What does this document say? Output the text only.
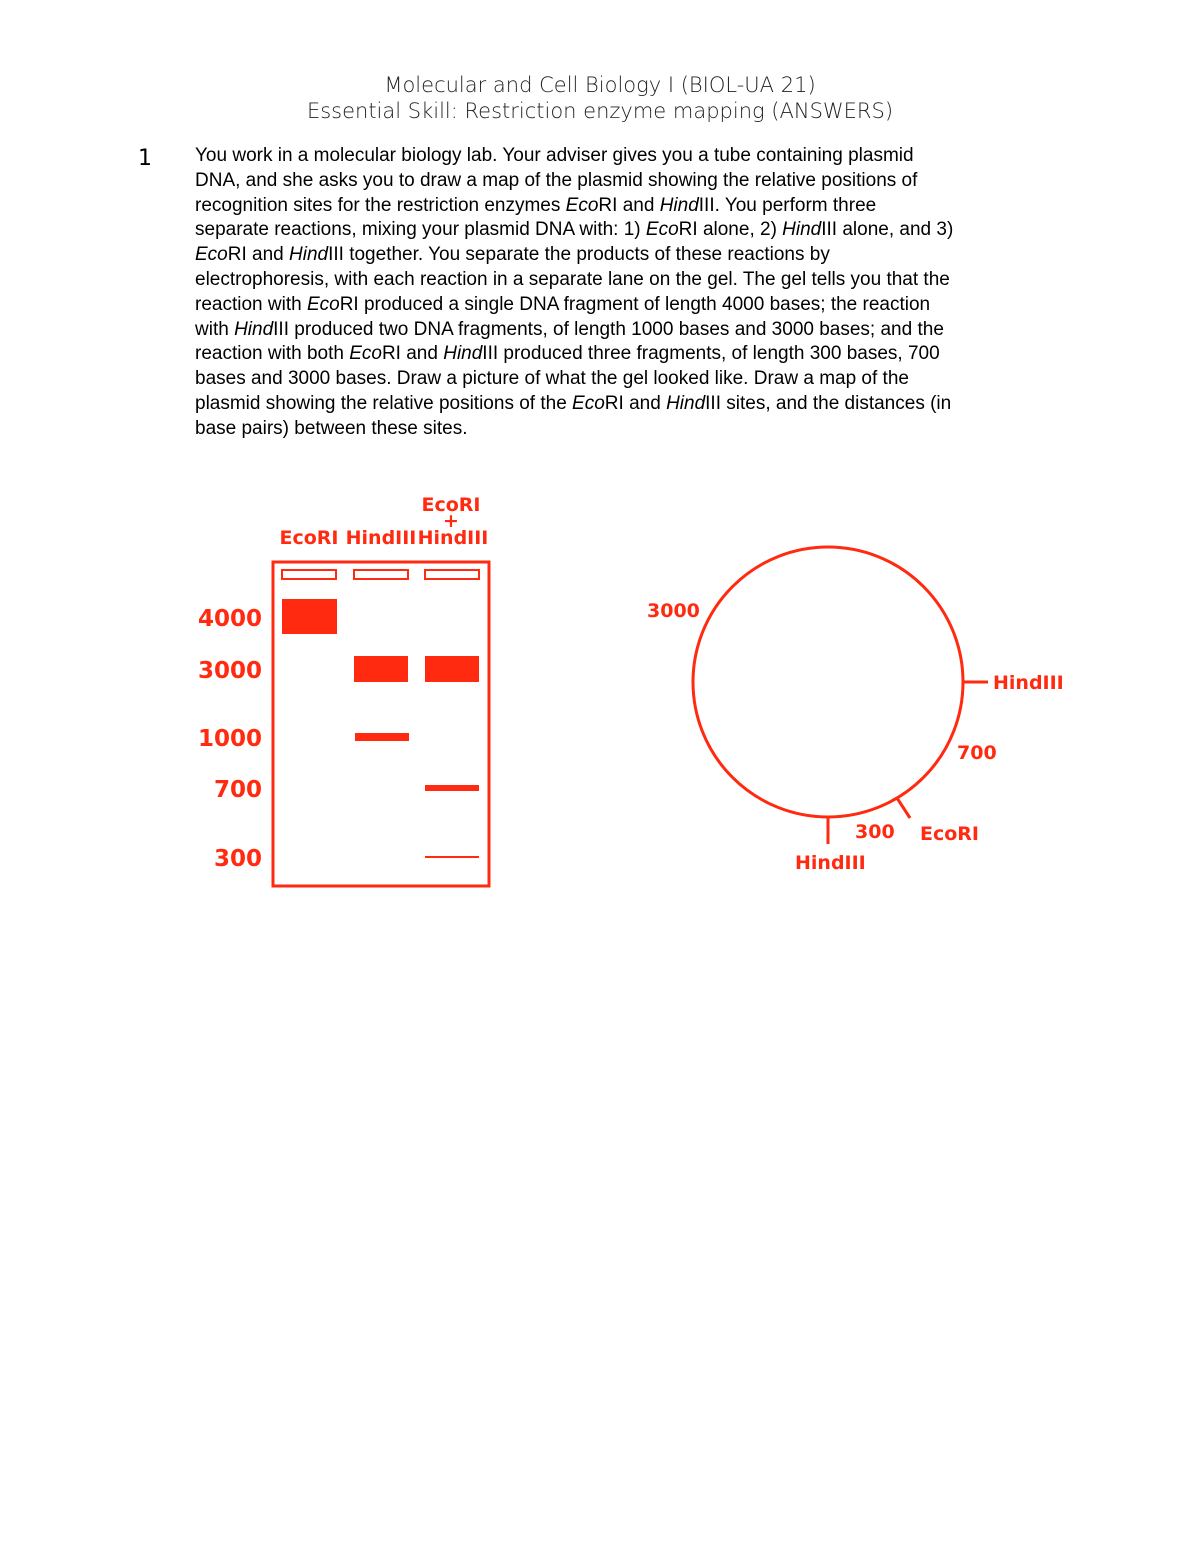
Molecular and Cell Biology I (BIOL-UA 21)
Essential Skill: Restriction enzyme mapping (ANSWERS)
1 You work in a molecular biology lab. Your adviser gives you a tube containing plasmid
DNA, and she asks you to draw a map of the plasmid showing the relative positions of
recognition sites for the restriction enzymes EcoRI and HindIII. You perform three
separate reactions, mixing your plasmid DNA with: 1) EcoRI alone, 2) HindIII alone, and 3)
EcoRI and HindIII together. You separate the products of these reactions by
electrophoresis, with each reaction in a separate lane on the gel. The gel tells you that the
reaction with EcoRI produced a single DNA fragment of length 4000 bases; the reaction
with HindIII produced two DNA fragments, of length 1000 bases and 3000 bases; and the
reaction with both EcoRI and HindIII produced three fragments, of length 300 bases, 700
bases and 3000 bases. Draw a picture of what the gel looked like. Draw a map of the
plasmid showing the relative positions of the EcoRI and HindIII sites, and the distances (in
base pairs) between these sites.
EcoRI
+
EcoRI HindIII HindIII
4000
3000
1000
700
300
3000
HindIII
700
300 EcoRI
HindIII
